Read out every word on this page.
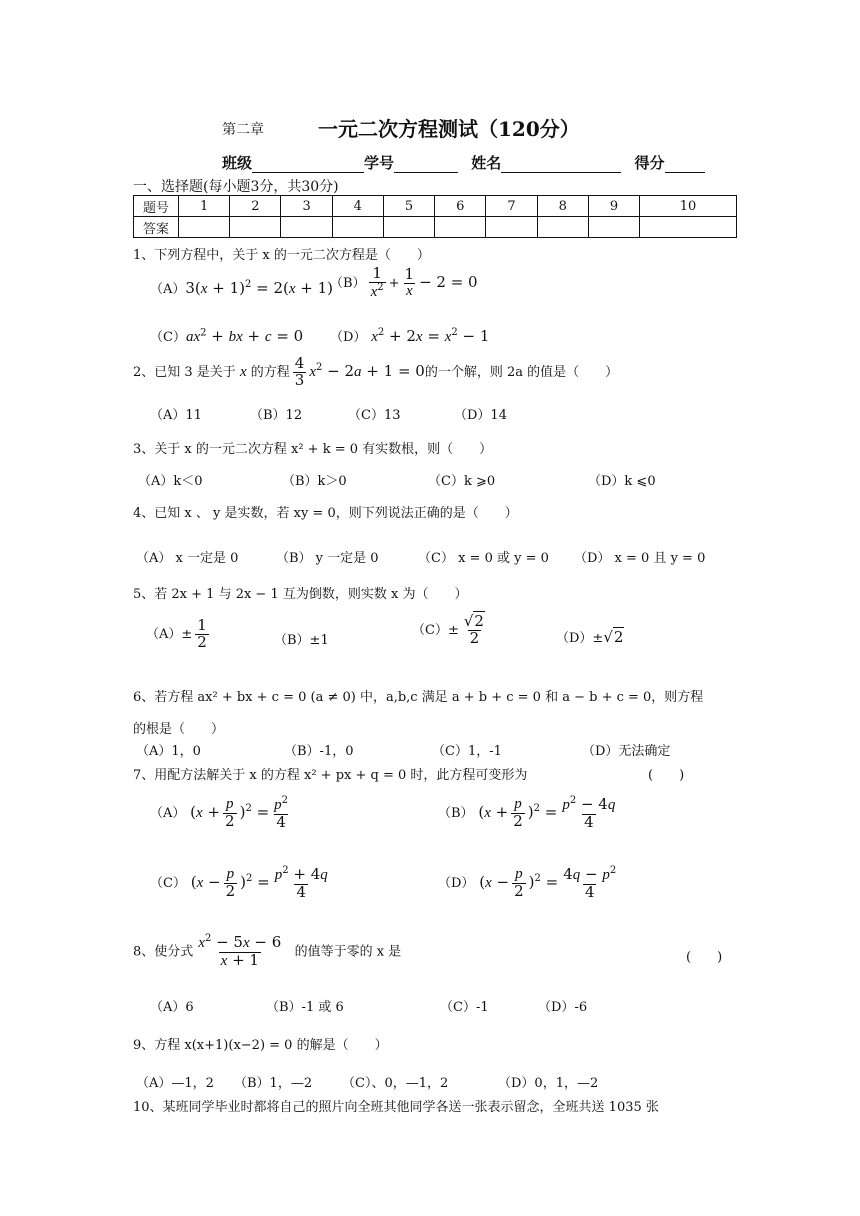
第二章	一元二次方程测试（120分）
班级	学号	姓名	得分
一、选择题(每小题3分，共30分)
题号	1	2	3	4	5	6	7	8	9	10
答案										
1、下列方程中，关于 x 的一元二次方程是（　　）
$(A)3(x + 1)^2 = 2(x + 1)$
$(B) \frac{1}{x^2} + \frac{1}{x} - 2 = 0$
$(C)ax^2$ + bx + c = 0 （D） $x^2 + 2x = x^2 - 1$
2、已知 3 是关于 x 的方程 $\frac{4}{3} x^2 - 2a + 1 = 0$的一个解，则 2a 的值是（　　）
（A）11	（B）12	（C）13	（D）14
3、关于 x 的一元二次方程 x² + k = 0 有实数根，则（　　）
（A）k＜0	（B）k＞0	（C）k ⩾0	（D）k ⩽0
4、已知 x 、 y 是实数，若 xy = 0，则下列说法正确的是（　　）
（A） x 一定是 0	（B） y 一定是 0	（C） x = 0 或 y = 0 （D） x = 0 且 y = 0
5、若 2x + 1 与 2x − 1 互为倒数，则实数 x 为（　　）
$(A)\pm \frac{1}{2}$	（B）±1
$(C)\pm \frac{√2}{2}$	（D）±√2
6、若方程 ax² + bx + c = 0 (a ≠ 0) 中，a,b,c 满足 a + b + c = 0 和 a − b + c = 0，则方程
的根是（　　）
（A）1，0	（B）-1，0	（C）1，-1	（D）无法确定
7、用配方法解关于 x 的方程 x² + px + q = 0 时，此方程可变形为	(　　)
（A） $(x + \frac{p}{2} )^2 = \frac{p^2}{4}$	（B） $(x + \frac{p}{2} )^2 = \frac{p^2 - 4q}{4}$
（C） $(x - \frac{p}{2} )^2 = \frac{p^2 + 4q}{4}$	（D） $(x - \frac{p}{2} )^2 = \frac{4q - p^2}{4}$
8、使分式 $\frac{x^2 - 5x - 6}{x + 1}$ 的值等于零的 x 是	(　　)
（A）6	（B）-1 或 6	（C）-1	（D）-6
9、方程 x(x+1)(x−2) = 0 的解是（　　）
（A）—1，2 （B）1，—2 （C）、0，—1，2	（D）0，1，—2
10、某班同学毕业时都将自己的照片向全班其他同学各送一张表示留念，全班共送 1035 张
